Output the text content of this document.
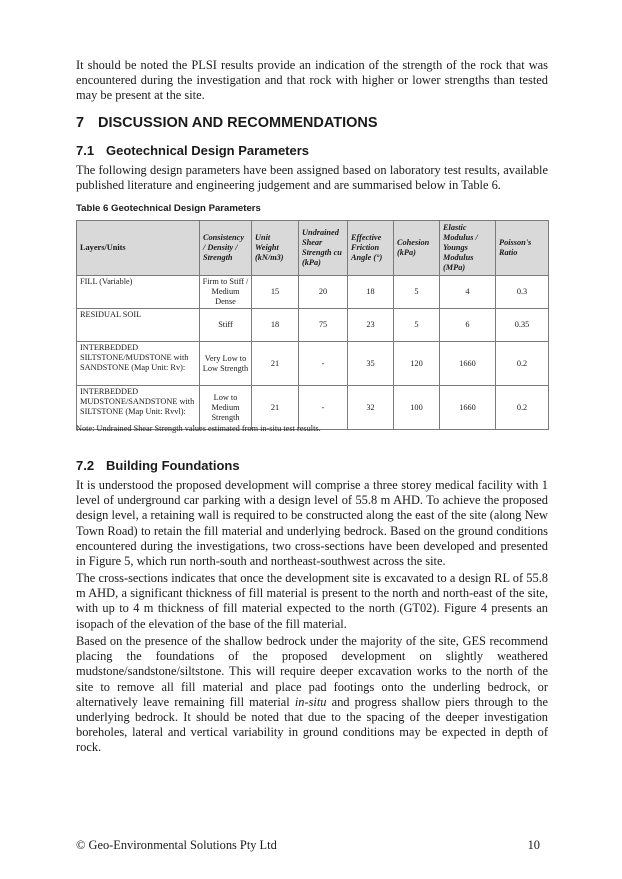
It should be noted the PLSI results provide an indication of the strength of the rock that was encountered during the investigation and that rock with higher or lower strengths than tested may be present at the site.

7 DISCUSSION AND RECOMMENDATIONS
7.1 Geotechnical Design Parameters

The following design parameters have been assigned based on laboratory test results, available published literature and engineering judgement and are summarised below in Table 6.

Table 6 Geotechnical Design Parameters
Layers/Units	Consistency / Density / Strength	Unit Weight (kN/m3)	Undrained Shear Strength cu (kPa)	Effective Friction Angle (°)	Cohesion (kPa)	Elastic Modulus / Youngs Modulus (MPa)	Poisson's Ratio
FILL (Variable)	Firm to Stiff / Medium Dense	15	20	18	5	4	0.3
RESIDUAL SOIL	Stiff	18	75	23	5	6	0.35
INTERBEDDED SILTSTONE/MUDSTONE with SANDSTONE (Map Unit: Rv):	Very Low to Low Strength	21	-	35	120	1660	0.2
INTERBEDDED MUDSTONE/SANDSTONE with SILTSTONE (Map Unit: Rvvl):	Low to Medium Strength	21	-	32	100	1660	0.2

Note: Undrained Shear Strength values estimated from in-situ test results.

7.2 Building Foundations

It is understood the proposed development will comprise a three storey medical facility with 1 level of underground car parking with a design level of 55.8 m AHD. To achieve the proposed design level, a retaining wall is required to be constructed along the east of the site (along New Town Road) to retain the fill material and underlying bedrock. Based on the ground conditions encountered during the investigations, two cross-sections have been developed and presented in Figure 5, which run north-south and northeast-southwest across the site.

The cross-sections indicates that once the development site is excavated to a design RL of 55.8 m AHD, a significant thickness of fill material is present to the north and north-east of the site, with up to 4 m thickness of fill material expected to the north (GT02). Figure 4 presents an isopach of the elevation of the base of the fill material.

Based on the presence of the shallow bedrock under the majority of the site, GES recommend placing the foundations of the proposed development on slightly weathered mudstone/sandstone/siltstone. This will require deeper excavation works to the north of the site to remove all fill material and place pad footings onto the underling bedrock, or alternatively leave remaining fill material in-situ and progress shallow piers through to the underlying bedrock. It should be noted that due to the spacing of the deeper investigation boreholes, lateral and vertical variability in ground conditions may be expected in depth of rock.

© Geo-Environmental Solutions Pty Ltd	10
